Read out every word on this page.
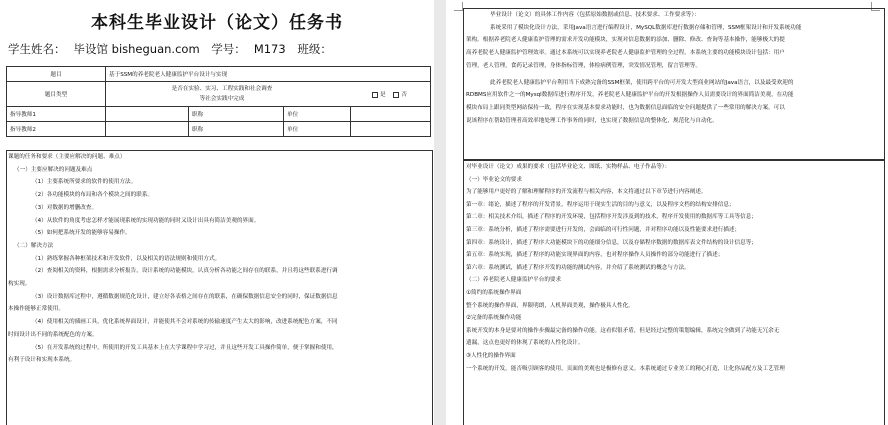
本科生毕业设计（论文）任务书
学生姓名： 毕设馆 bisheguan.com 学号： M173 班级：
题目	基于SSM的养老院老人健康监护平台设计与实现			
题目类型	是否在实验、实习、工程实践和社会调查
等社会实践中完成
是 否			

指导教师1		职称	单位	
指导教师2		职称	单位	
课题的任务和要求（主要应解决的问题、难点）
（一）主要应解决的问题及难点
（1）主要系统所要求的软件的使用方法。
（2）各功能模块的布局和各个模块之间的联系。
（3）对数据的增删改查。
（4）从软件的角度考虑怎样才能展现系统的实现功能的同时又设计出具有简洁美观的界面。
（5）如何把系统开发的能够容易操作。
（二）解决方法
（1）熟练掌握各种框架技术和开发软件，以及相关的语法规则和使用方式。
（2）查阅相关的资料，根据需求分析报告，设计系统的功能模块，认真分析各功能之间存在的联系，并且将这些联系进行调
构实现。
（3）设计数据库过程中，遵循数据规范化设计，建立好各表格之间存在的联系，在确保数据信息安全的同时，保证数据信息
本操作能够正常使用。
（4）使用相关的插画工具，优化系统界面设计，并能使其不会对系统的传输速度产生太大的影响，改进系统配色方案，不同
时间设计出不同的系统配色的方案。
（5）在开发系统的过程中，所使用的开发工具基本上在大学课程中学习过，并且这些开发工具操作简单，便于掌握和使用，
有利于设计和实现本系统。
毕业设计（论文）的具体工作内容（包括原始数据或信息、技术要求、工作要求等）：
系统采用了模块化设计方法，采用Java语言进行编程设计，MySQL数据库进行数据存储和管理，SSM框架设计和开发系统功能
架构。根据养老院老人健康监护管理的需求开发功能模块，实现对信息数据的添加、删除、修改、查询等基本操作，能够极大的提
高养老院老人健康监护管理效率。通过本系统可以实现养老院老人健康监护管理的全过程，本系统主要的功能模块设计包括：用户
管理，老人管理，食药记录管理，身体指标管理，体检病例管理，突发情况管理，留言管理等。
此养老院老人健康监护平台利用当下成熟完备的SSM框架，使用跨平台的可开发大型商业网站的Java语言，以及最受欢迎的
RDBMS应用软件之一的Mysql数据库进行程序开发，养老院老人健康监护平台的开发根据操作人员需要设计的界面简洁美观，在功能
模块布局上跟同类型网站保持一致，程序在实现基本要求功能时，也为数据信息面临的安全问题提供了一些常用的解决方案。可以
说该程序在帮助管理者高效率地处理工作事务的同时，也实现了数据信息的整体化，规范化与自动化。
对毕业设计（论文）成果的要求（包括毕业论文、图纸、实物样品、电子作品等）：
（一）毕业论文的要求
为了能够用户更好的了解和理解程序的开发流程与相关内容，本文将通过以下章节进行内容阐述。
第一章：绪论，描述了程序的开发背景，程序运用于现实生活的目的与意义，以及程序文档的结构安排信息；
第二章：相关技术介绍，描述了程序的开发环境，包括程序开发涉及到的技术，程序开发使用的数据库等工具等信息；
第三章：系统分析，描述了程序需要进行开发的，会面临的可行性问题，并对程序功能以及性能要求进行描述；
第四章：系统设计，描述了程序大功能模块下的功能细分信息，以及存储程序数据的数据库表文件结构的设计信息等；
第五章：系统实现，描述了程序的功能实现界面的内容，也对程序操作人员操作的部分功能进行了描述；
第六章：系统测试，描述了程序开发的功能的测试内容，并介绍了系统测试的概念与方法。
（二）养老院老人健康监护平台的要求
①简约的系统操作界面
整个系统的操作界面，界限明朗，人机界面美观，操作极具人性化。
②完备的系统操作功能
系统开发的本身是要对的操作步骤最完备的操作功能。这看似很矛盾，但是经过完整的策划编辑，系统完全做到了功能无冗余无
遗漏，这点也更好的体现了系统的人性化设计。
③人性化的操作界面
一个系统的开发，能否吸引顾客的使用，页面的美观也是极修有意义。本系统通过专业美工的精心打造，让化你品配方及工艺管理
